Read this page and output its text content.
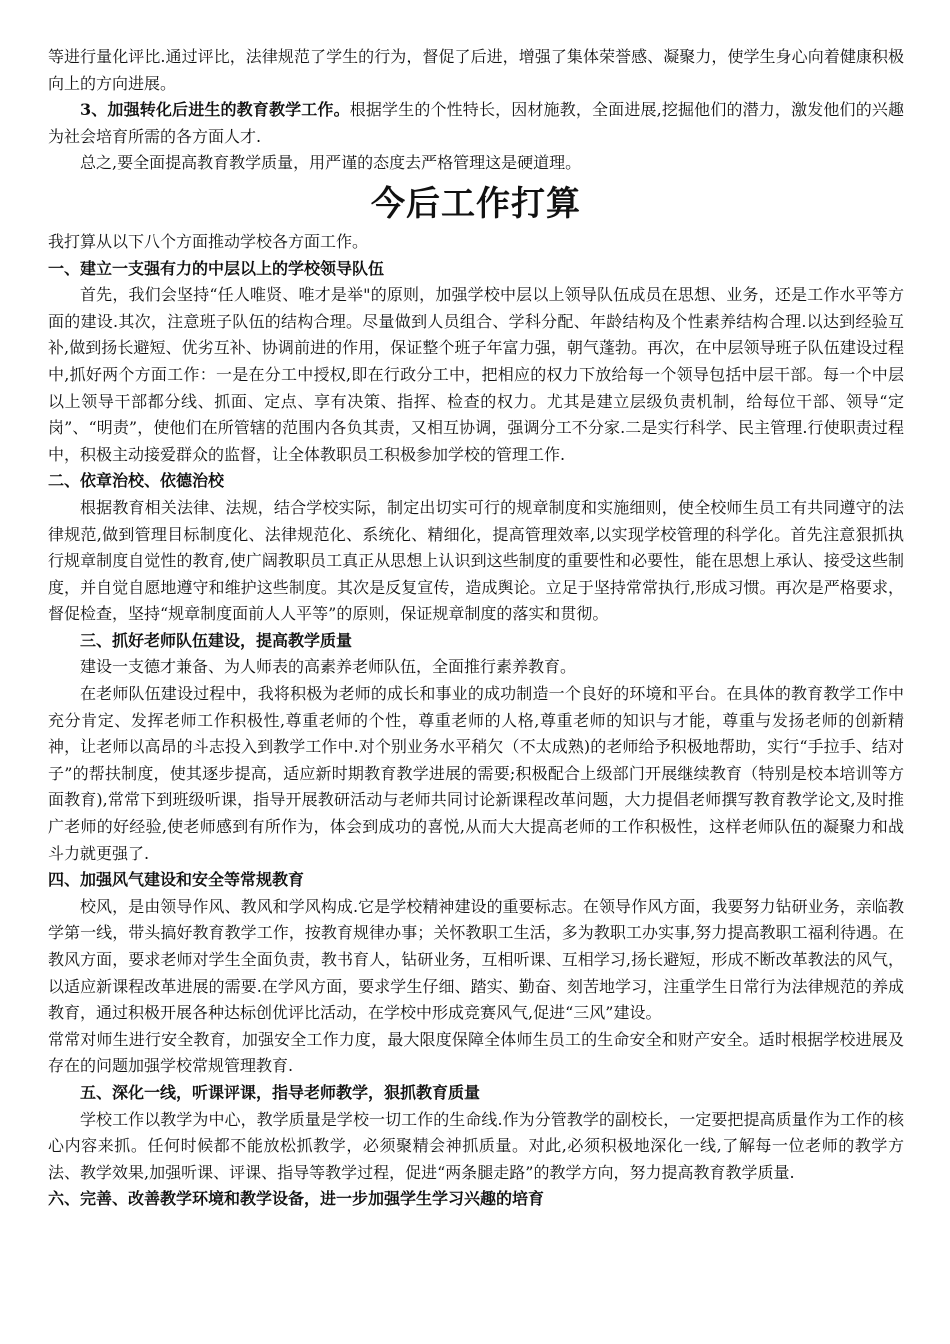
等进行量化评比.通过评比，法律规范了学生的行为，督促了后进，增强了集体荣誉感、凝聚力，使学生身心向着健康积极向上的方向进展。

3、加强转化后进生的教育教学工作。根据学生的个性特长，因材施教，全面进展,挖掘他们的潜力，激发他们的兴趣为社会培育所需的各方面人才.

总之,要全面提高教育教学质量，用严谨的态度去严格管理这是硬道理。

今后工作打算

我打算从以下八个方面推动学校各方面工作。

一、建立一支强有力的中层以上的学校领导队伍

首先，我们会坚持“任人唯贤、唯才是举"的原则，加强学校中层以上领导队伍成员在思想、业务，还是工作水平等方面的建设.其次，注意班子队伍的结构合理。尽量做到人员组合、学科分配、年龄结构及个性素养结构合理.以达到经验互补,做到扬长避短、优劣互补、协调前进的作用，保证整个班子年富力强，朝气蓬勃。再次，在中层领导班子队伍建设过程中,抓好两个方面工作：一是在分工中授权,即在行政分工中，把相应的权力下放给每一个领导包括中层干部。每一个中层以上领导干部都分线、抓面、定点、享有决策、指挥、检查的权力。尤其是建立层级负责机制，给每位干部、领导“定岗”、“明责”，使他们在所管辖的范围内各负其责，又相互协调，强调分工不分家.二是实行科学、民主管理.行使职责过程中，积极主动接爱群众的监督，让全体教职员工积极参加学校的管理工作.

二、依章治校、依德治校

根据教育相关法律、法规，结合学校实际，制定出切实可行的规章制度和实施细则，使全校师生员工有共同遵守的法律规范,做到管理目标制度化、法律规范化、系统化、精细化，提高管理效率,以实现学校管理的科学化。首先注意狠抓执行规章制度自觉性的教育,使广阔教职员工真正从思想上认识到这些制度的重要性和必要性，能在思想上承认、接受这些制度，并自觉自愿地遵守和维护这些制度。其次是反复宣传，造成舆论。立足于坚持常常执行,形成习惯。再次是严格要求，督促检查，坚持“规章制度面前人人平等”的原则，保证规章制度的落实和贯彻。

三、抓好老师队伍建设，提高教学质量

建设一支德才兼备、为人师表的高素养老师队伍，全面推行素养教育。

在老师队伍建设过程中，我将积极为老师的成长和事业的成功制造一个良好的环境和平台。在具体的教育教学工作中充分肯定、发挥老师工作积极性,尊重老师的个性，尊重老师的人格,尊重老师的知识与才能，尊重与发扬老师的创新精神，让老师以高昂的斗志投入到教学工作中.对个别业务水平稍欠（不太成熟)的老师给予积极地帮助，实行“手拉手、结对子”的帮扶制度，使其逐步提高，适应新时期教育教学进展的需要;积极配合上级部门开展继续教育（特别是校本培训等方面教育),常常下到班级听课，指导开展教研活动与老师共同讨论新课程改革问题，大力提倡老师撰写教育教学论文,及时推广老师的好经验,使老师感到有所作为，体会到成功的喜悦,从而大大提高老师的工作积极性，这样老师队伍的凝聚力和战斗力就更强了.

四、加强风气建设和安全等常规教育

校风，是由领导作风、教风和学风构成.它是学校精神建设的重要标志。在领导作风方面，我要努力钻研业务，亲临教学第一线，带头搞好教育教学工作，按教育规律办事；关怀教职工生活，多为教职工办实事,努力提高教职工福利待遇。在教风方面，要求老师对学生全面负责，教书育人，钻研业务，互相听课、互相学习,扬长避短，形成不断改革教法的风气，以适应新课程改革进展的需要.在学风方面，要求学生仔细、踏实、勤奋、刻苦地学习，注重学生日常行为法律规范的养成教育，通过积极开展各种达标创优评比活动，在学校中形成竞赛风气,促进“三风”建设。

常常对师生进行安全教育，加强安全工作力度，最大限度保障全体师生员工的生命安全和财产安全。适时根据学校进展及存在的问题加强学校常规管理教育.

五、深化一线，听课评课，指导老师教学，狠抓教育质量

学校工作以教学为中心，教学质量是学校一切工作的生命线.作为分管教学的副校长，一定要把提高质量作为工作的核心内容来抓。任何时候都不能放松抓教学，必须聚精会神抓质量。对此,必须积极地深化一线,了解每一位老师的教学方法、教学效果,加强听课、评课、指导等教学过程，促进“两条腿走路”的教学方向，努力提高教育教学质量.

六、完善、改善教学环境和教学设备，进一步加强学生学习兴趣的培育
